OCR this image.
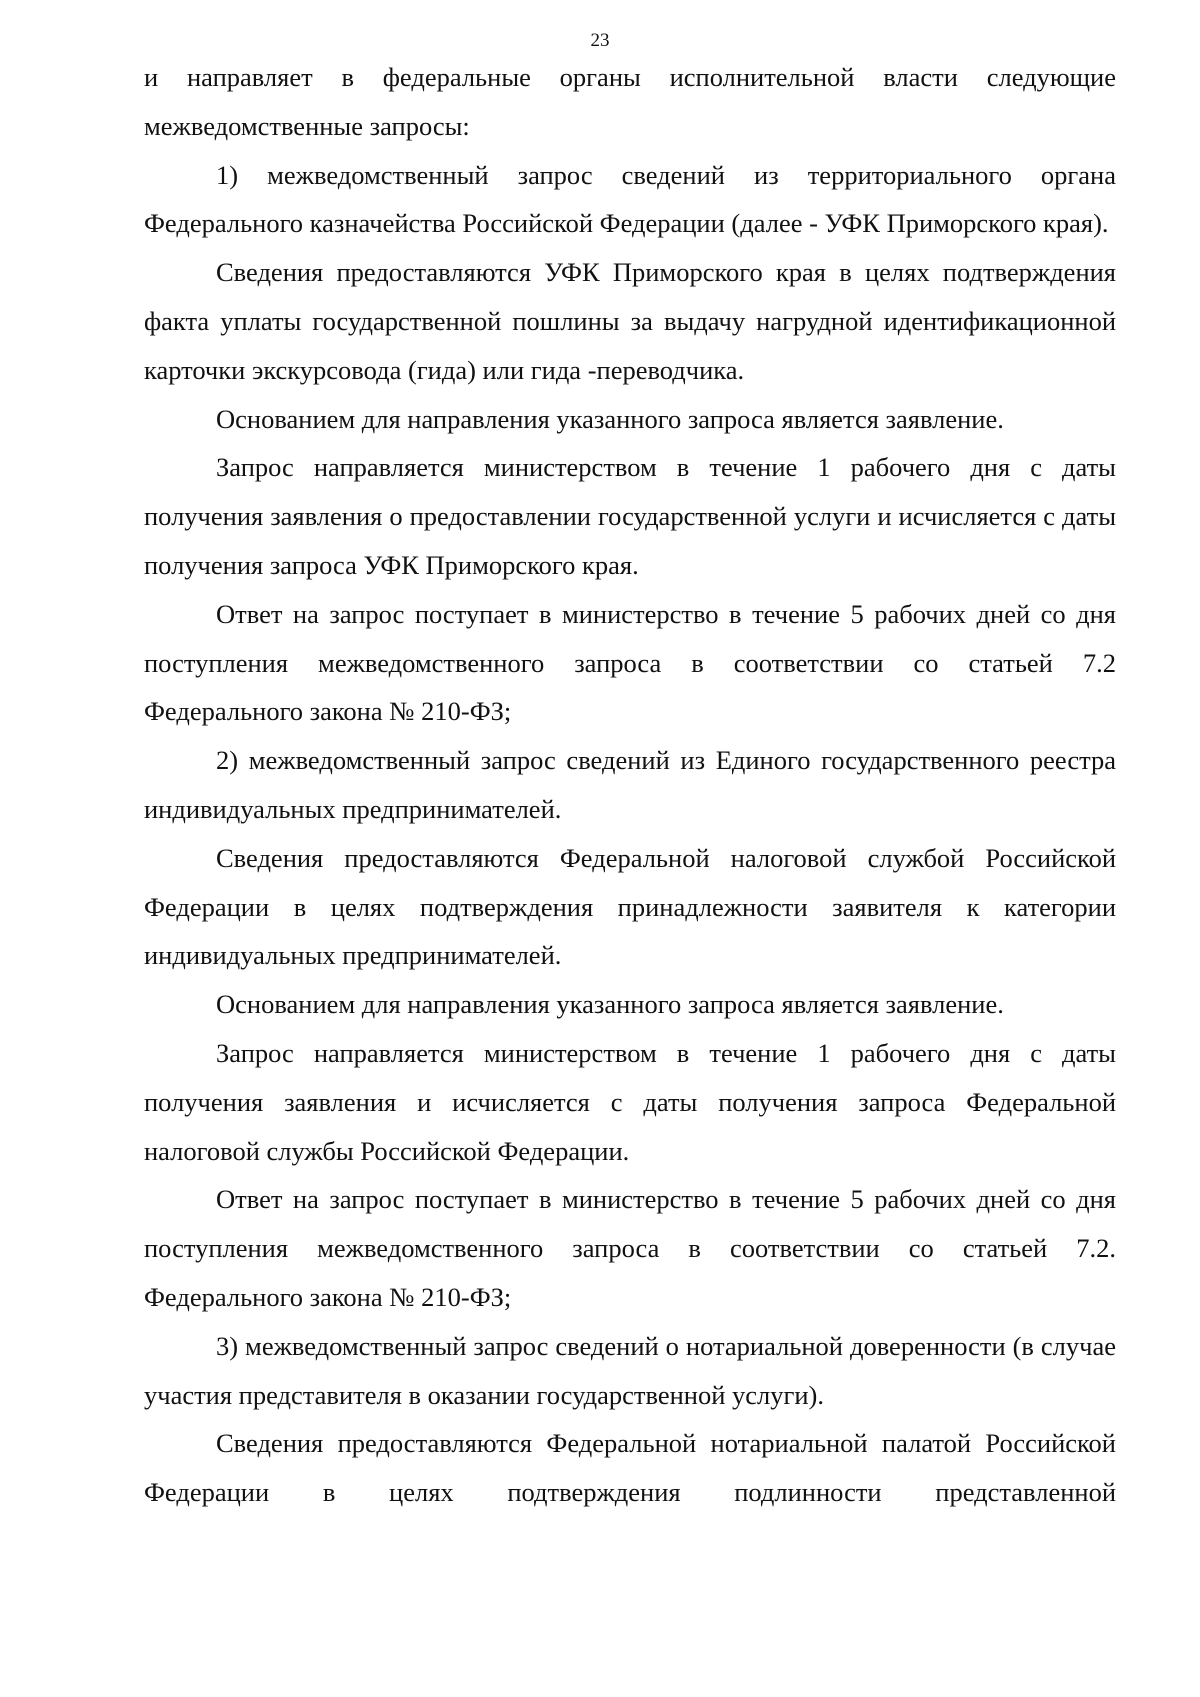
23

и направляет в федеральные органы исполнительной власти следующие межведомственные запросы:

1) межведомственный запрос сведений из территориального органа Федерального казначейства Российской Федерации (далее - УФК Приморского края).

Сведения предоставляются УФК Приморского края в целях подтверждения факта уплаты государственной пошлины за выдачу нагрудной идентификационной карточки экскурсовода (гида) или гида -переводчика.

Основанием для направления указанного запроса является заявление.

Запрос направляется министерством в течение 1 рабочего дня с даты получения заявления о предоставлении государственной услуги и исчисляется с даты получения запроса УФК Приморского края.

Ответ на запрос поступает в министерство в течение 5 рабочих дней со дня поступления межведомственного запроса в соответствии со статьей 7.2 Федерального закона № 210-ФЗ;

2) межведомственный запрос сведений из Единого государственного реестра индивидуальных предпринимателей.

Сведения предоставляются Федеральной налоговой службой Российской Федерации в целях подтверждения принадлежности заявителя к категории индивидуальных предпринимателей.

Основанием для направления указанного запроса является заявление.

Запрос направляется министерством в течение 1 рабочего дня с даты получения заявления и исчисляется с даты получения запроса Федеральной налоговой службы Российской Федерации.

Ответ на запрос поступает в министерство в течение 5 рабочих дней со дня поступления межведомственного запроса в соответствии со статьей 7.2. Федерального закона № 210-ФЗ;

3) межведомственный запрос сведений о нотариальной доверенности (в случае участия представителя в оказании государственной услуги).

Сведения предоставляются Федеральной нотариальной палатой Российской Федерации в целях подтверждения подлинности представленной
